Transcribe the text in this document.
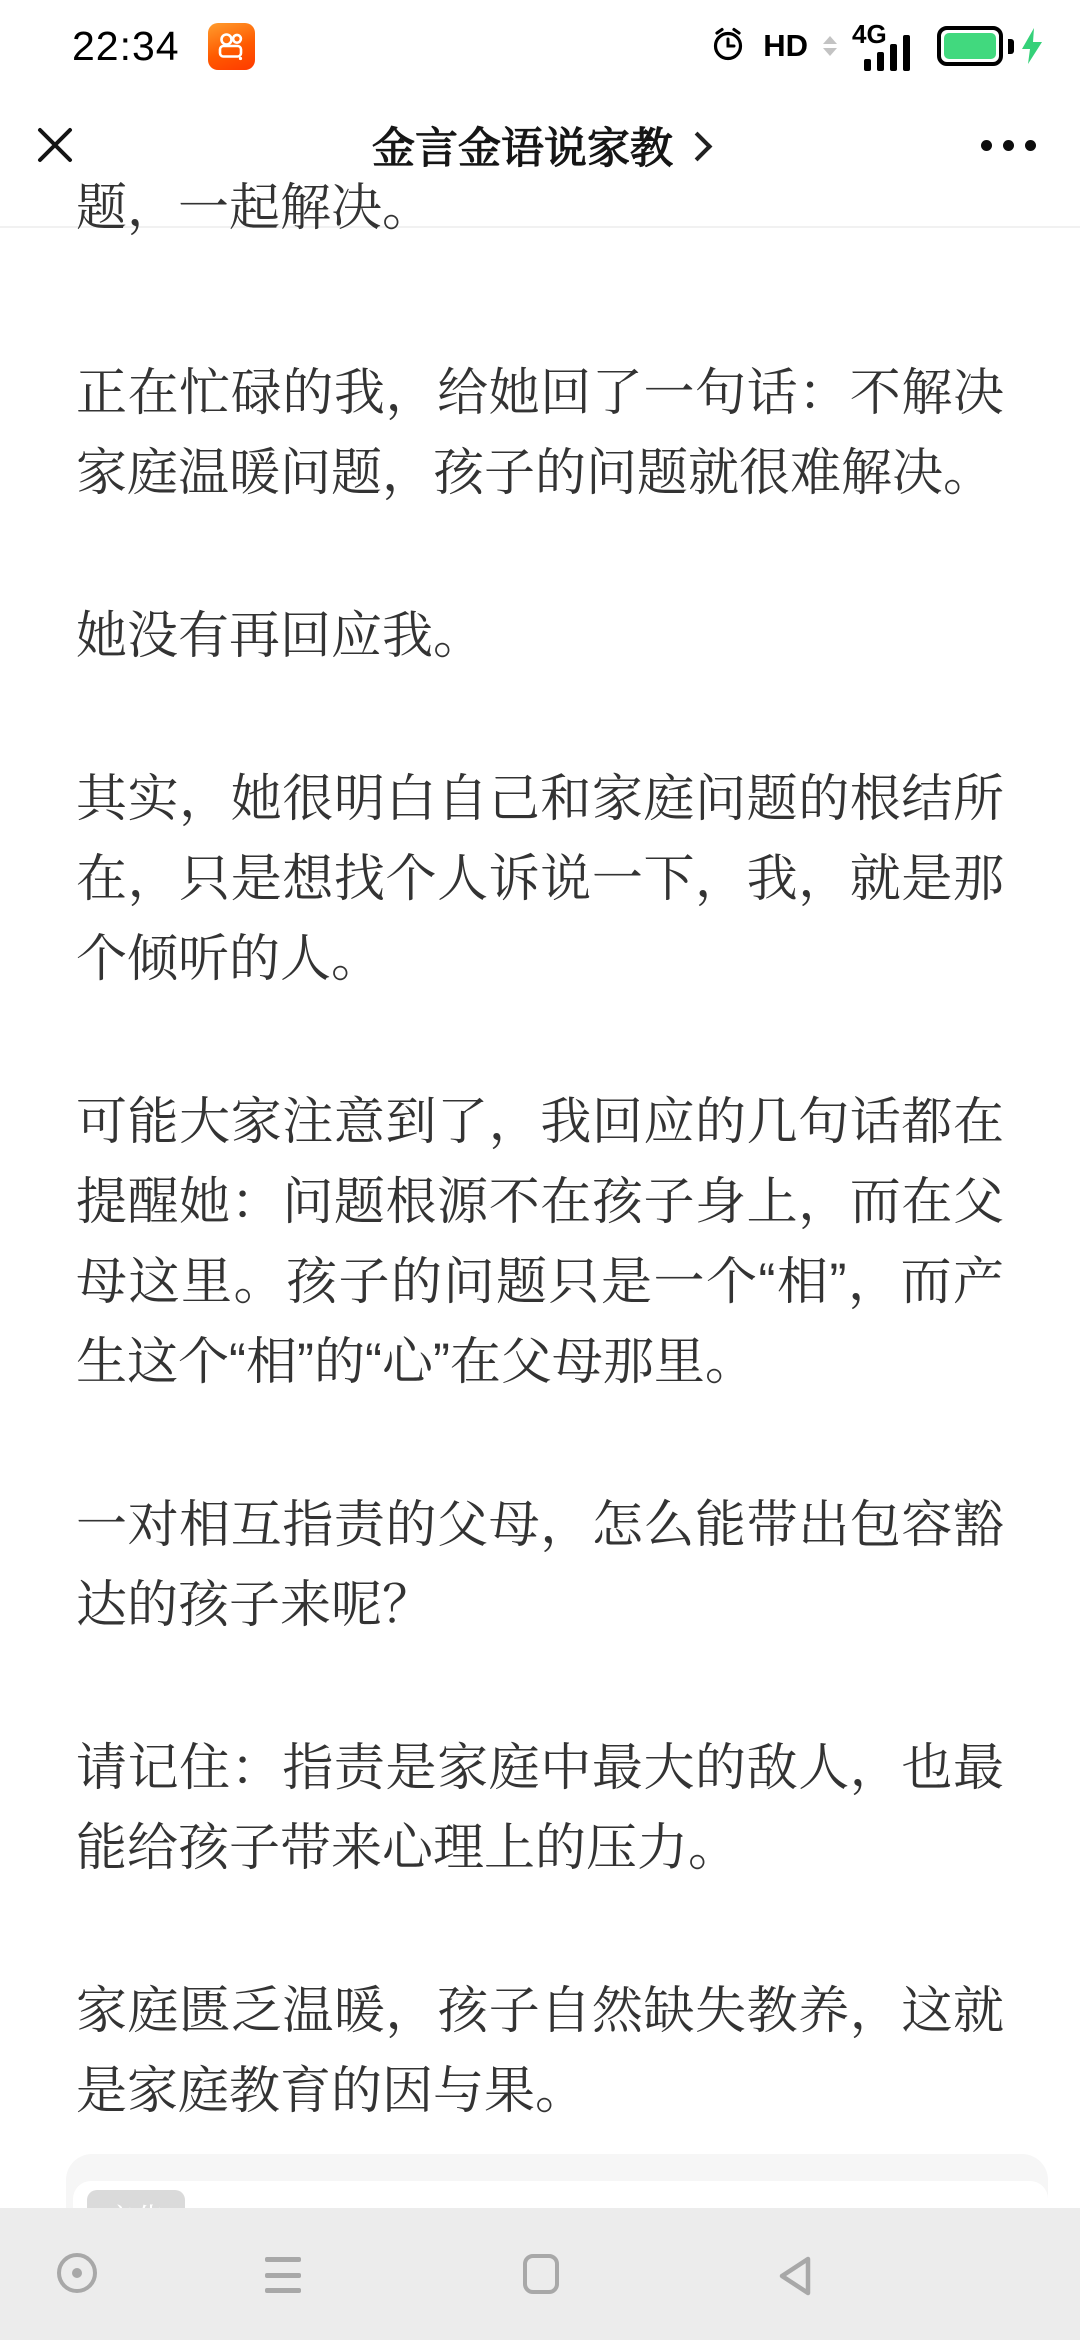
22:34	HD 4G
金言金语说家教

题，一起解决。

正在忙碌的我，给她回了一句话：不解决家庭温暖问题，孩子的问题就很难解决。

她没有再回应我。

其实，她很明白自己和家庭问题的根结所在，只是想找个人诉说一下，我，就是那个倾听的人。

可能大家注意到了，我回应的几句话都在提醒她：问题根源不在孩子身上，而在父母这里。孩子的问题只是一个“相”，而产生这个“相”的“心”在父母那里。

一对相互指责的父母，怎么能带出包容豁达的孩子来呢？

请记住：指责是家庭中最大的敌人，也最能给孩子带来心理上的压力。

家庭匮乏温暖，孩子自然缺失教养，这就是家庭教育的因与果。
